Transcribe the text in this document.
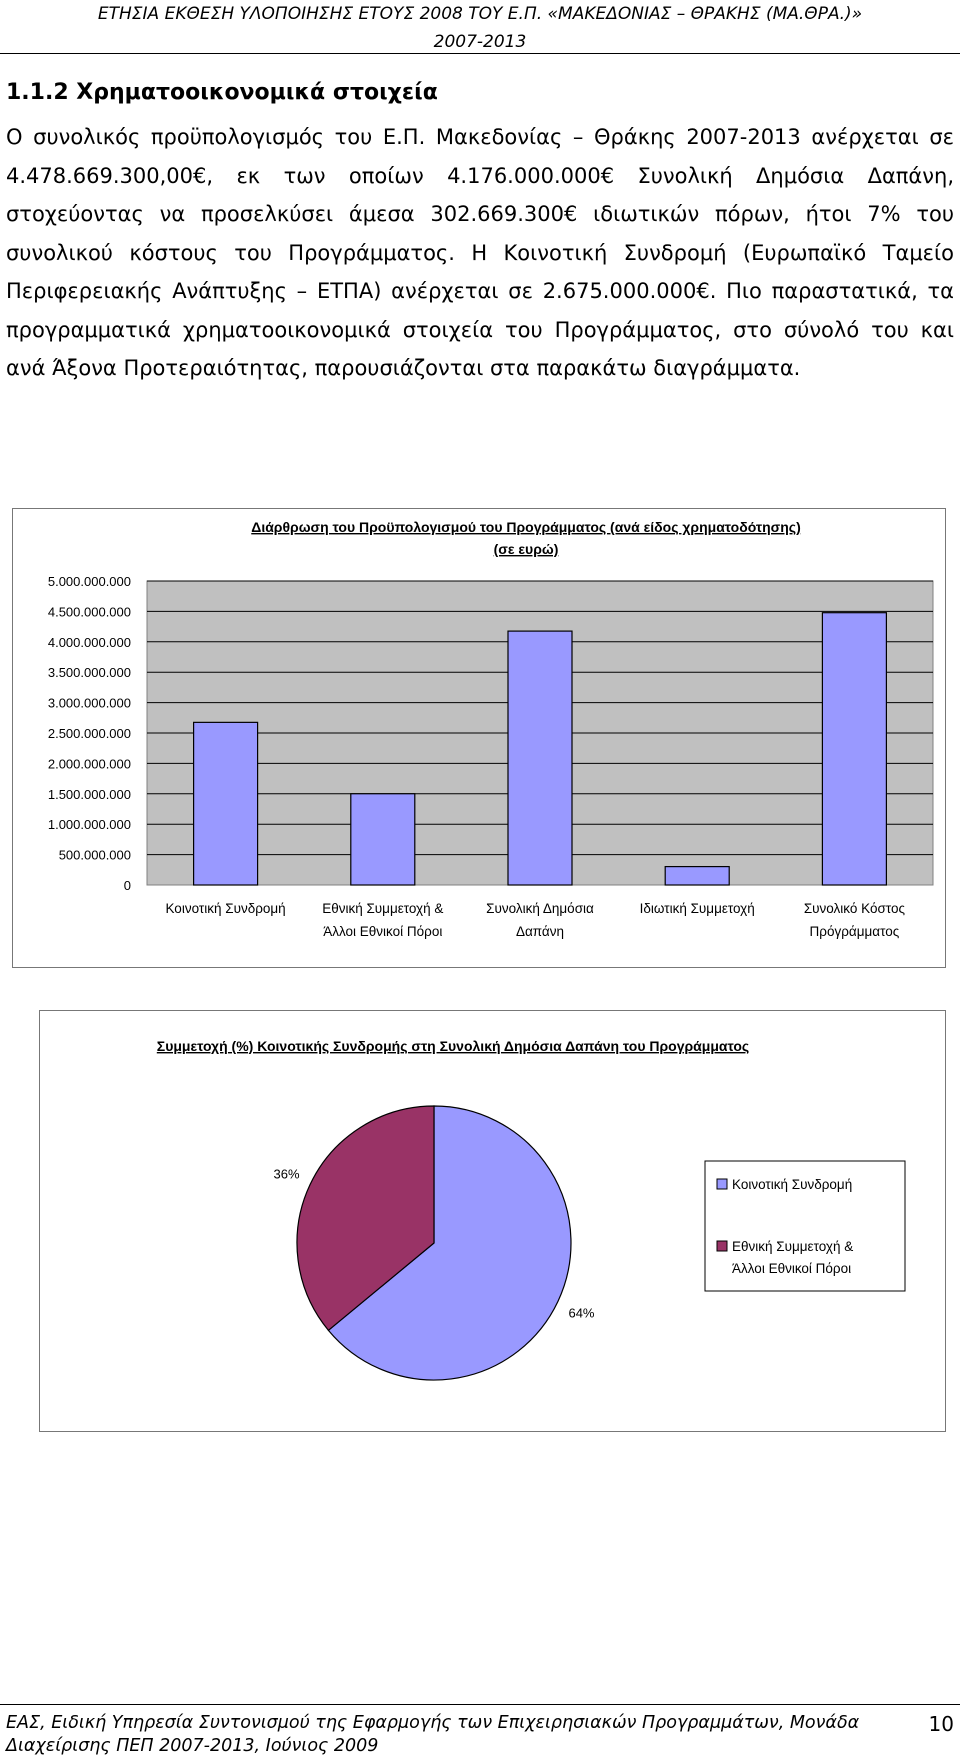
ΕΤΗΣΙΑ ΕΚΘΕΣΗ ΥΛΟΠΟΙΗΣΗΣ ΕΤΟΥΣ 2008 ΤΟΥ Ε.Π. «ΜΑΚΕΔΟΝΙΑΣ – ΘΡΑΚΗΣ (ΜΑ.ΘΡΑ.)»
2007-2013
1.1.2 Χρηματοοικονομικά στοιχεία
Ο συνολικός προϋπολογισμός του Ε.Π. Μακεδονίας – Θράκης 2007-2013 ανέρχεται σε 4.478.669.300,00€, εκ των οποίων 4.176.000.000€ Συνολική Δημόσια Δαπάνη, στοχεύοντας να προσελκύσει άμεσα 302.669.300€ ιδιωτικών πόρων, ήτοι 7% του συνολικού κόστους του Προγράμματος. Η Κοινοτική Συνδρομή (Ευρωπαϊκό Ταμείο Περιφερειακής Ανάπτυξης – ΕΤΠΑ) ανέρχεται σε 2.675.000.000€. Πιο παραστατικά, τα προγραμματικά χρηματοοικονομικά στοιχεία του Προγράμματος, στο σύνολό του και ανά Άξονα Προτεραιότητας, παρουσιάζονται στα παρακάτω διαγράμματα.
Διάρθρωση του Προϋπολογισμού του Προγράμματος (ανά είδος χρηματοδότησης)
(σε ευρώ)
0
500.000.000
1.000.000.000
1.500.000.000
2.000.000.000
2.500.000.000
3.000.000.000
3.500.000.000
4.000.000.000
4.500.000.000
5.000.000.000
Κοινοτική Συνδρομή	Εθνική Συμμετοχή &
Άλλοι Εθνικοί Πόροι
Συνολική Δημόσια
Δαπάνη
Ιδιωτική Συμμετοχή	Συνολικό Κόστος
Πρόγράμματος
Συμμετοχή (%) Κοινοτικής Συνδρομής στη Συνολική Δημόσια Δαπάνη του Προγράμματος
64%
36%
Κοινοτική Συνδρομή
Εθνική Συμμετοχή &
Άλλοι Εθνικοί Πόροι
ΕΑΣ, Ειδική Υπηρεσία Συντονισμού της Εφαρμογής των Επιχειρησιακών Προγραμμάτων, Μονάδα
Διαχείρισης ΠΕΠ 2007-2013, Ιούνιος 2009
10
